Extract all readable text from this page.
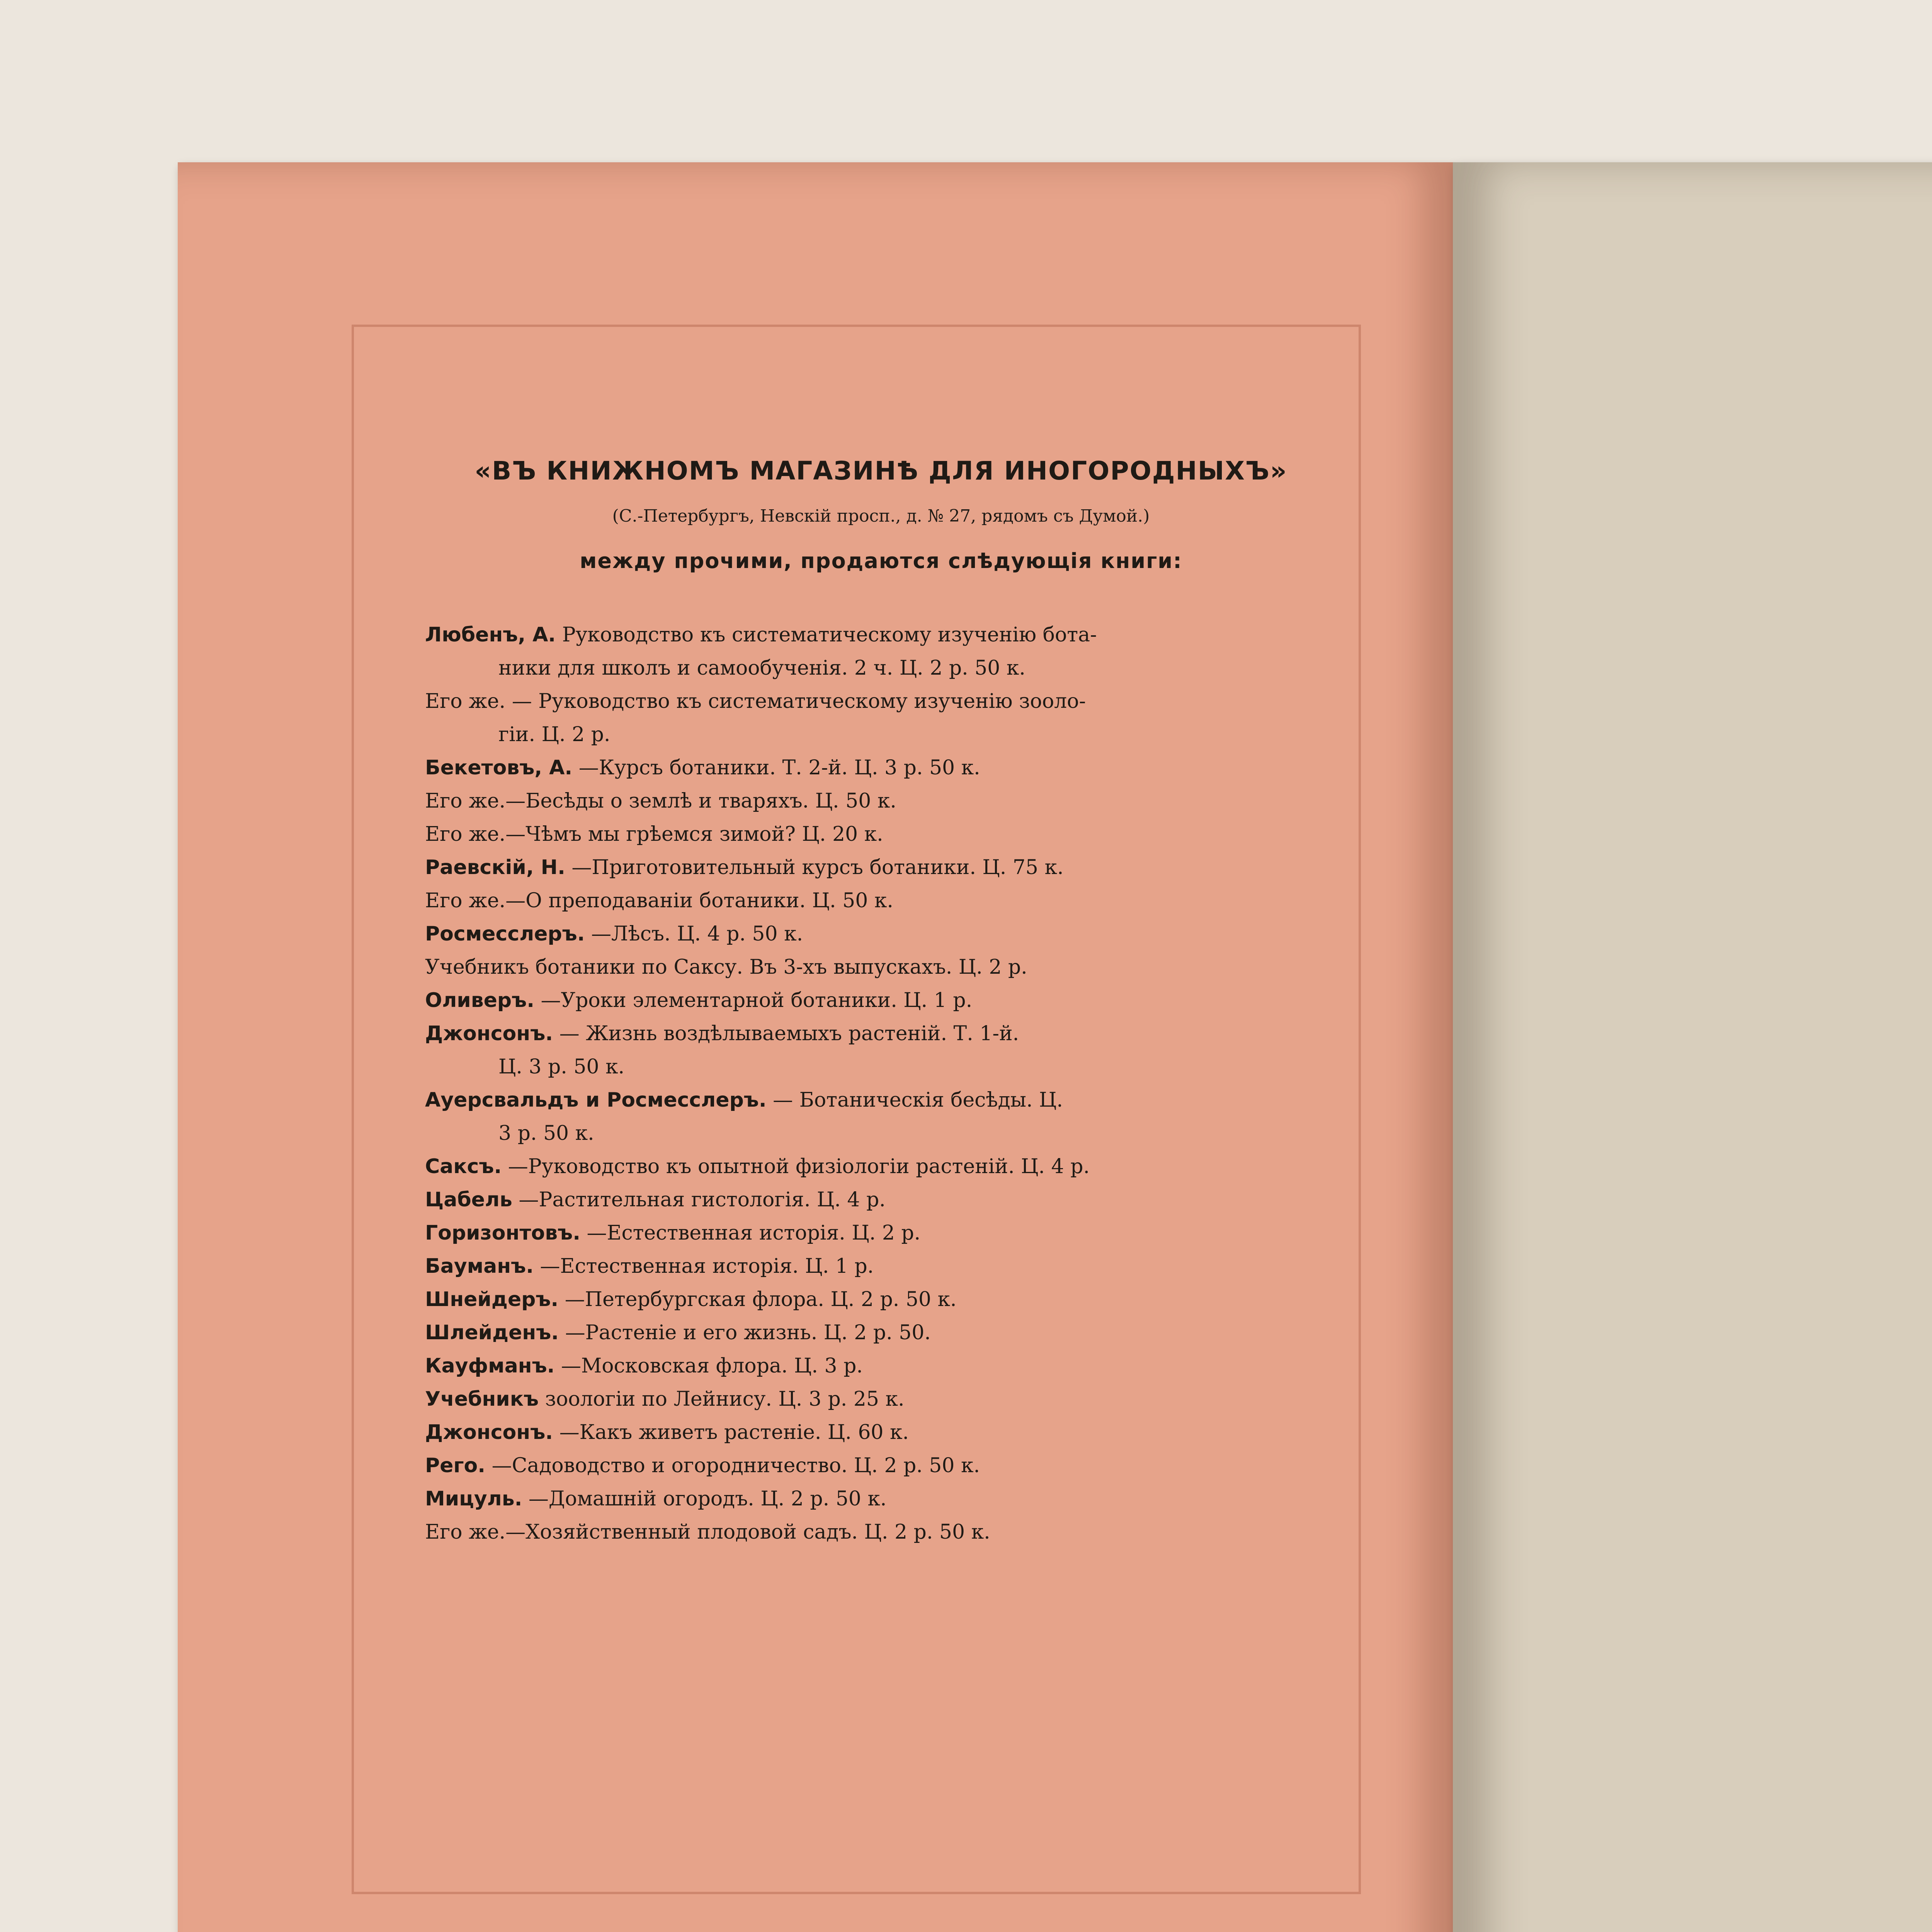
«ВЪ КНИЖНОМЪ МАГАЗИНѢ ДЛЯ ИНОГОРОДНЫХЪ»
(С.-Петербургъ, Невскій просп., д. № 27, рядомъ съ Думой.)
между прочими, продаются слѣдующія книги:
Любенъ, А. Руководство къ систематическому изученію бота-
ники для школъ и самообученія. 2 ч. Ц. 2 р. 50 к.
Его же. — Руководство къ систематическому изученію зооло-
гіи. Ц. 2 р.
Бекетовъ, А. —Курсъ ботаники. Т. 2-й. Ц. 3 р. 50 к.
Его же.—Бесѣды о землѣ и тваряхъ. Ц. 50 к.
Его же.—Чѣмъ мы грѣемся зимой? Ц. 20 к.
Раевскій, Н. —Приготовительный курсъ ботаники. Ц. 75 к.
Его же.—О преподаваніи ботаники. Ц. 50 к.
Росмесслеръ. —Лѣсъ. Ц. 4 р. 50 к.
Учебникъ ботаники по Саксу. Въ 3-хъ выпускахъ. Ц. 2 р.
Оливеръ. —Уроки элементарной ботаники. Ц. 1 р.
Джонсонъ. — Жизнь воздѣлываемыхъ растеній. Т. 1-й.
Ц. 3 р. 50 к.
Ауерсвальдъ и Росмесслеръ. — Ботаническія бесѣды. Ц.
3 р. 50 к.
Саксъ. —Руководство къ опытной физіологіи растеній. Ц. 4 р.
Цабель —Растительная гистологія. Ц. 4 р.
Горизонтовъ. —Естественная исторія. Ц. 2 р.
Бауманъ. —Естественная исторія. Ц. 1 р.
Шнейдеръ. —Петербургская флора. Ц. 2 р. 50 к.
Шлейденъ. —Растеніе и его жизнь. Ц. 2 р. 50.
Кауфманъ. —Московская флора. Ц. 3 р.
Учебникъ зоологіи по Лейнису. Ц. 3 р. 25 к.
Джонсонъ. —Какъ живетъ растеніе. Ц. 60 к.
Рего. —Садоводство и огородничество. Ц. 2 р. 50 к.
Мицуль. —Домашній огородъ. Ц. 2 р. 50 к.
Его же.—Хозяйственный плодовой садъ. Ц. 2 р. 50 к.
